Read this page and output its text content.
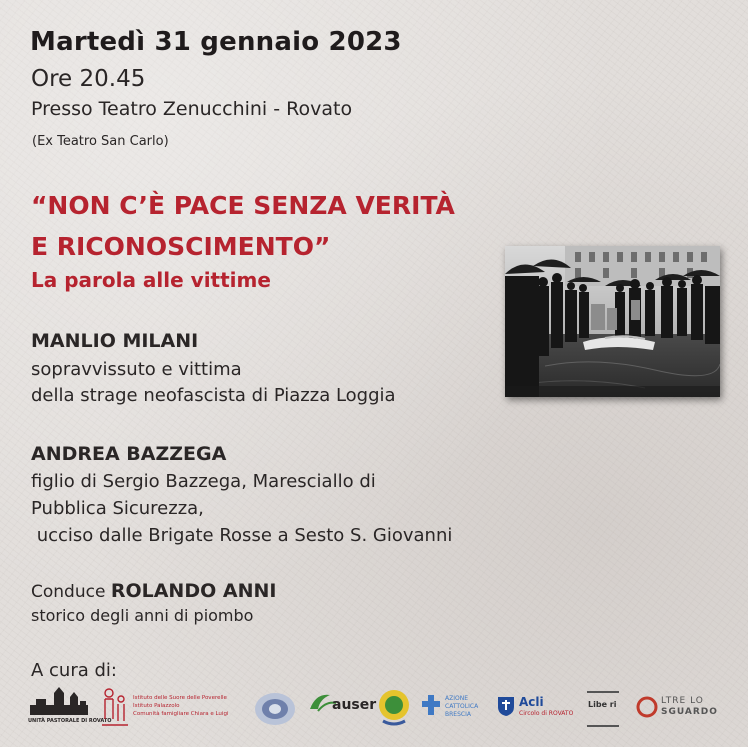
Martedì 31 gennaio 2023
Ore 20.45
Presso Teatro Zenucchini - Rovato
(Ex Teatro San Carlo)
“NON C’È PACE SENZA VERITÀ
E RICONOSCIMENTO”
La parola alle vittime
MANLIO MILANI
sopravvissuto e vittima
della strage neofascista di Piazza Loggia
ANDREA BAZZEGA
figlio di Sergio Bazzega, Maresciallo di
Pubblica Sicurezza,
ucciso dalle Brigate Rosse a Sesto S. Giovanni
Conduce ROLANDO ANNI
storico degli anni di piombo
A cura di:
UNITÀ PASTORALE DI ROVATO
Istituto delle Suore delle Poverelle
Istituto Palazzolo
Comunità famigliare Chiara e Luigi
auser	AZIONE
CATTOLICA
BRESCIA
Acli
Circolo di ROVATO
Libe ri	LTRE LO
SGUARDO
